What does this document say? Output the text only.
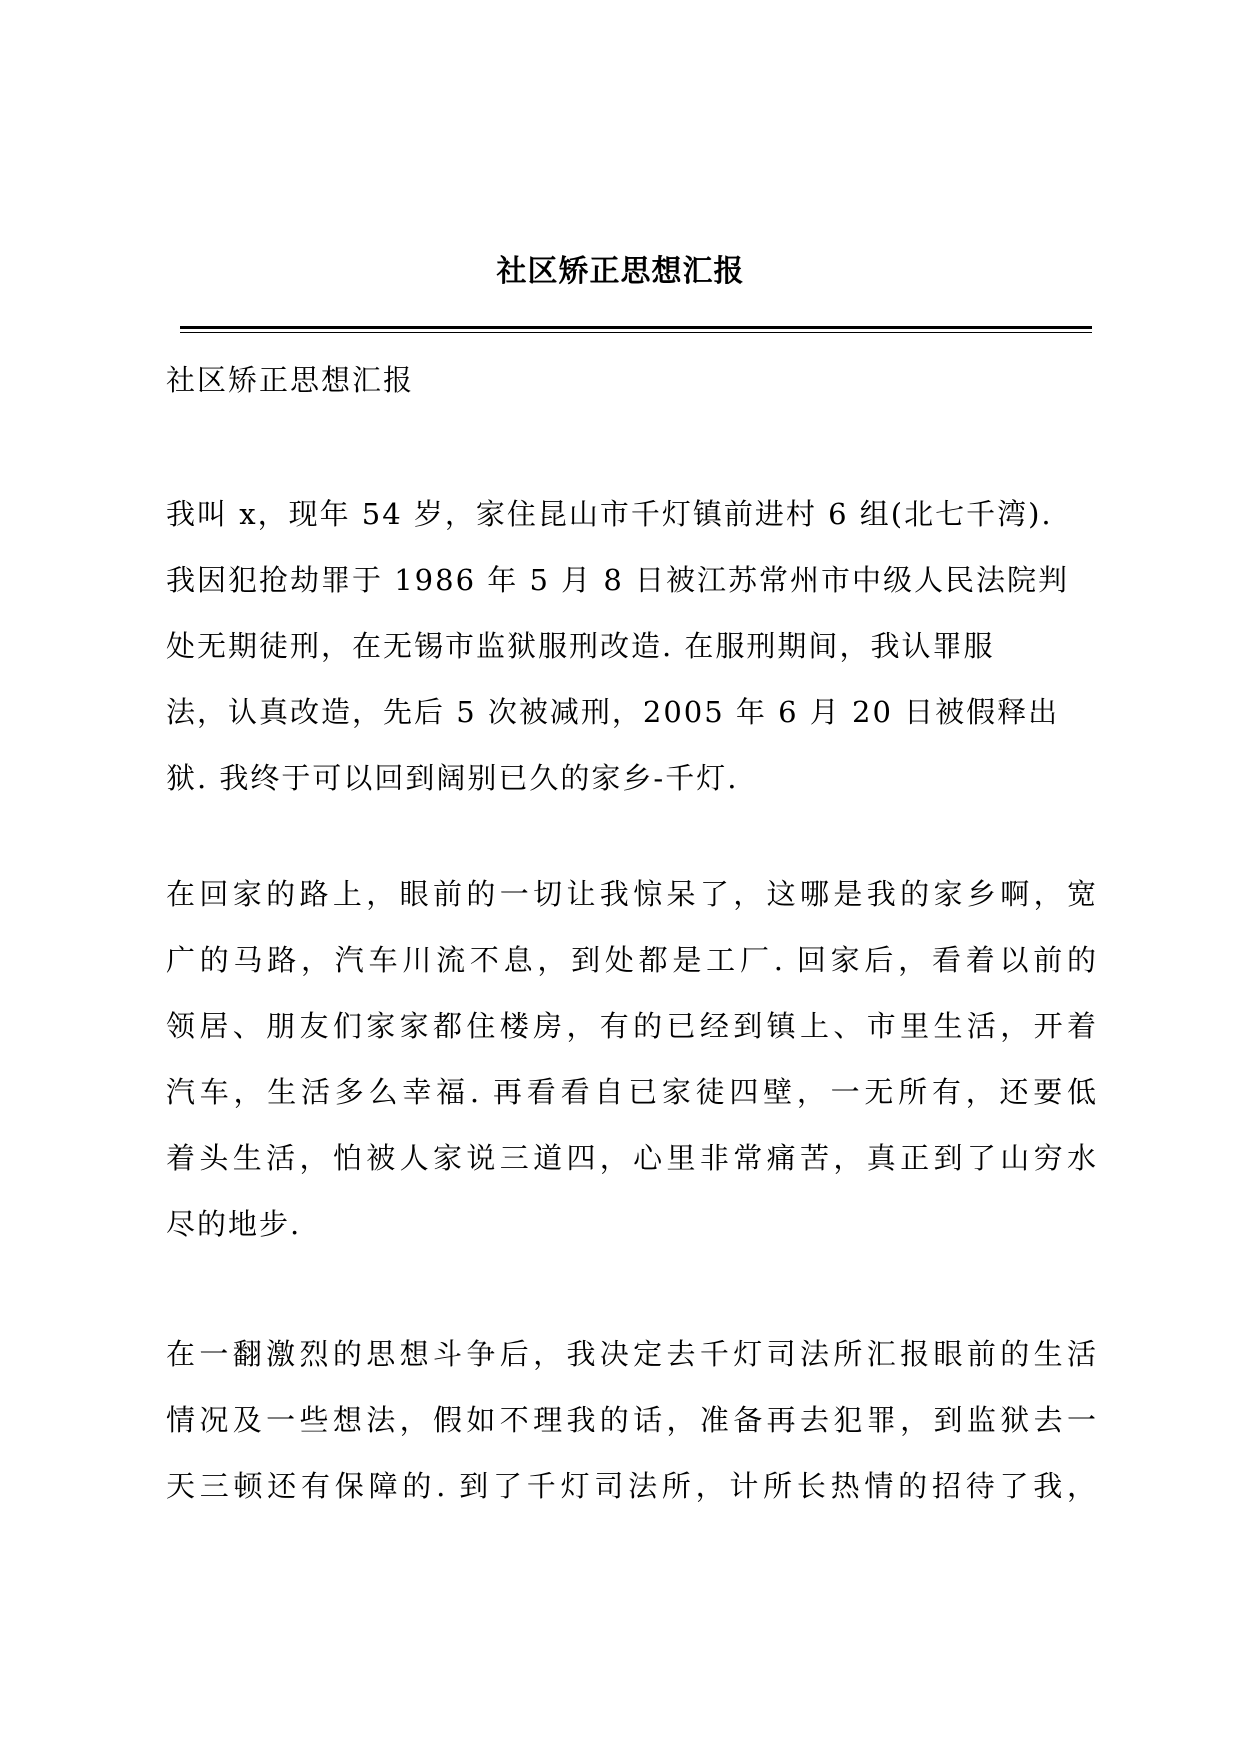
社区矫正思想汇报
社区矫正思想汇报
我叫 x，现年 54 岁，家住昆山市千灯镇前进村 6 组(北七千湾).
我因犯抢劫罪于 1986 年 5 月 8 日被江苏常州市中级人民法院判
处无期徒刑，在无锡市监狱服刑改造. 在服刑期间，我认罪服
法，认真改造，先后 5 次被减刑，2005 年 6 月 20 日被假释出
狱. 我终于可以回到阔别已久的家乡-千灯.
在回家的路上，眼前的一切让我惊呆了，这哪是我的家乡啊，宽
广的马路，汽车川流不息，到处都是工厂. 回家后，看着以前的
领居、朋友们家家都住楼房，有的已经到镇上、市里生活，开着
汽车，生活多么幸福. 再看看自已家徒四壁，一无所有，还要低
着头生活，怕被人家说三道四，心里非常痛苦，真正到了山穷水
尽的地步.
在一翻激烈的思想斗争后，我决定去千灯司法所汇报眼前的生活
情况及一些想法，假如不理我的话，准备再去犯罪，到监狱去一
天三顿还有保障的. 到了千灯司法所，计所长热情的招待了我，
